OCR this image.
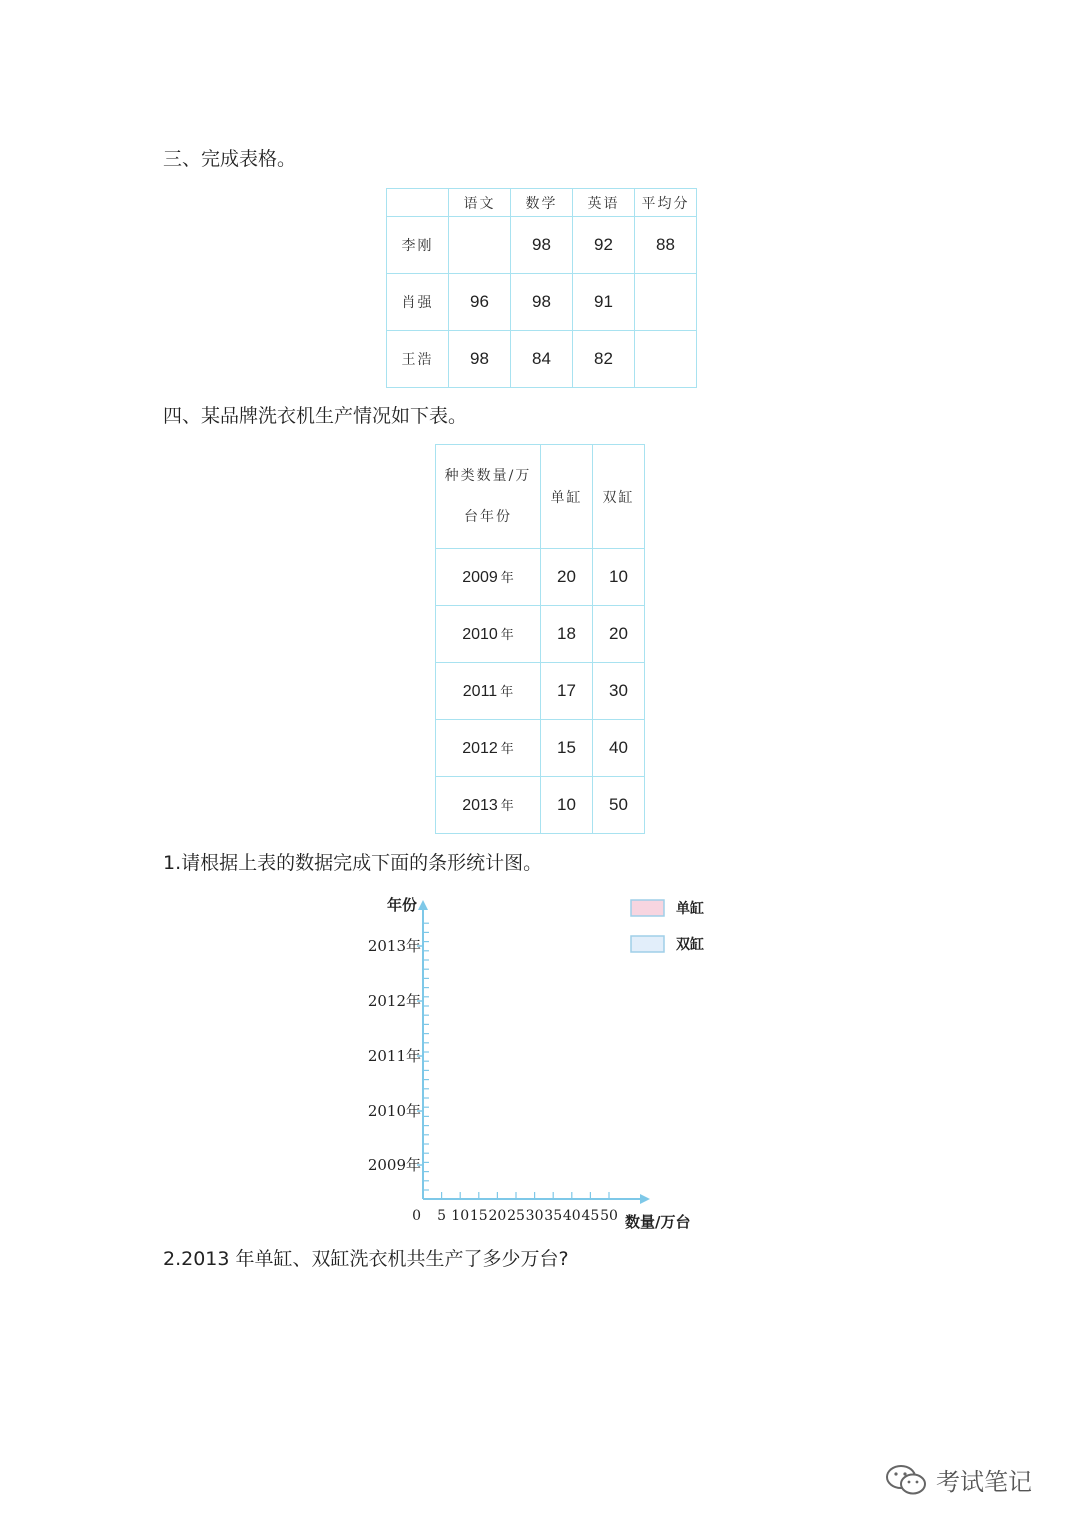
三、完成表格。
	语文	数学	英语	平均分
李刚		98	92	88
肖强	96	98	91	
王浩	98	84	82	
四、某品牌洗衣机生产情况如下表。
种类数量/万
台年份	单缸	双缸
2009 年	20	10
2010 年	18	20
2011 年	17	30
2012 年	15	40
2013 年	10	50
1.请根据上表的数据完成下面的条形统计图。
2013年
2012年
2011年
2010年
2009年
0 5 10 15 20 25 30 35 40 45 50
年份
数量/万台
单缸
双缸
2.2013 年单缸、双缸洗衣机共生产了多少万台?
考试笔记
